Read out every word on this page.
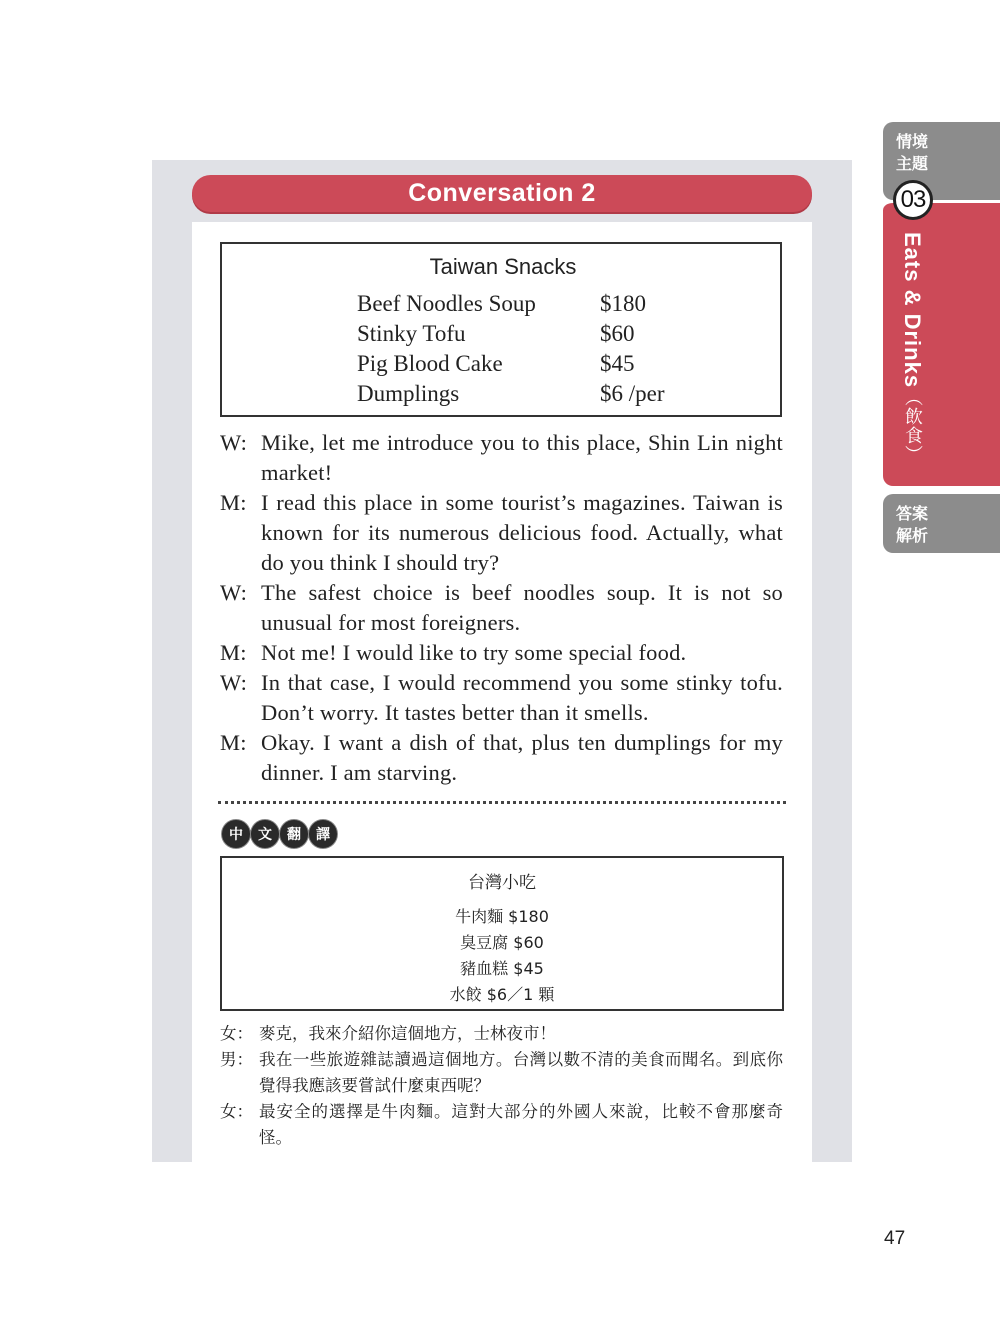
Conversation 2
Taiwan Snacks
Beef Noodles Soup	$180
Stinky Tofu	$60
Pig Blood Cake	$45
Dumplings	$6 /per
W: Mike, let me introduce you to this place, Shin Lin night market!
M: I read this place in some tourist’s magazines. Taiwan is known for its numerous delicious food. Actually, what do you think I should try?
W: The safest choice is beef noodles soup. It is not so unusual for most foreigners.
M: Not me! I would like to try some special food.
W: In that case, I would recommend you some stinky tofu. Don’t worry. It tastes better than it smells.
M: Okay. I want a dish of that, plus ten dumplings for my dinner. I am starving.
中	文	翻	譯
台灣小吃
牛肉麵 $180
臭豆腐 $60
豬血糕 $45
水餃 $6／1 顆
女： 麥克，我來介紹你這個地方，士林夜市！
男： 我在一些旅遊雜誌讀過這個地方。台灣以數不清的美食而聞名。到底你覺得我應該要嘗試什麼東西呢？
女： 最安全的選擇是牛肉麵。這對大部分的外國人來說，比較不會那麼奇怪。
情境
主題
03
Eats & Drinks（飲食）
答案
解析
47
